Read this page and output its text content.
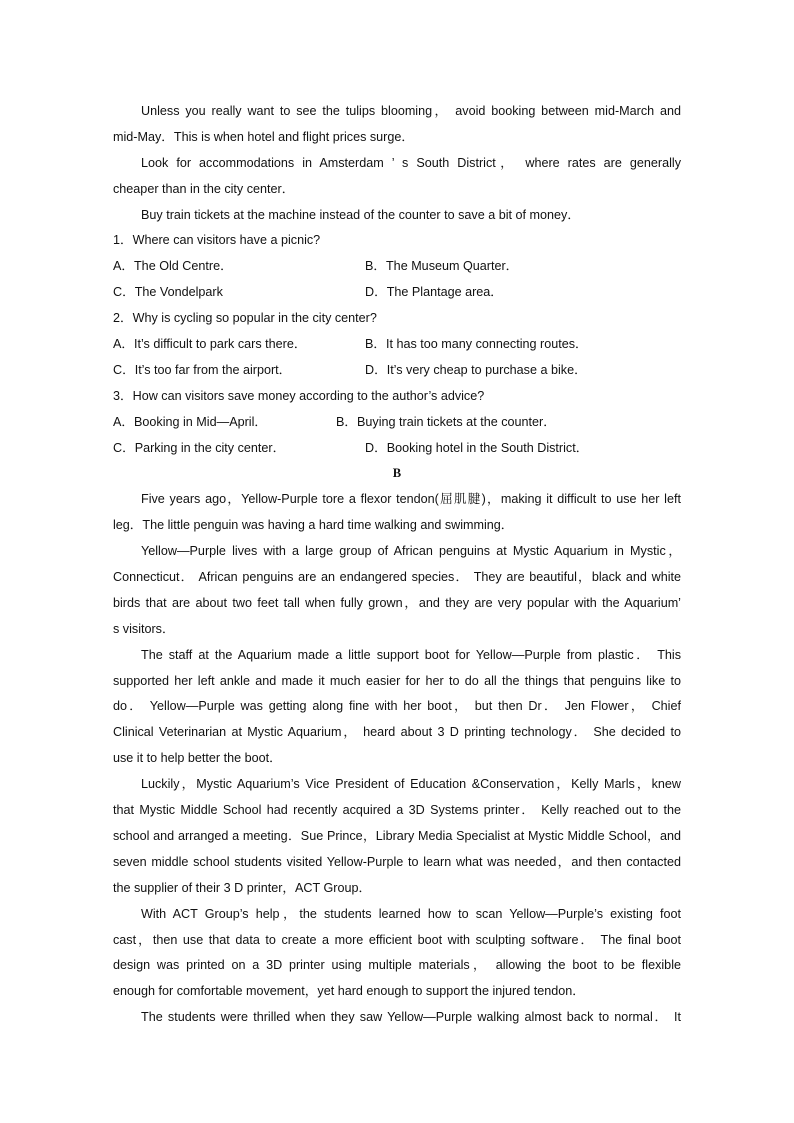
Unless you really want to see the tulips blooming， avoid booking between mid-March and
mid-May．This is when hotel and flight prices surge．
Look for accommodations in Amsterdam ’ s South District， where rates are generally
cheaper than in the city center．
Buy train tickets at the machine instead of the counter to save a bit of money．
1．Where can visitors have a picnic?
A．The Old Centre．	B．The Museum Quarter．
C．The Vondelpark	D．The Plantage area．
2．Why is cycling so popular in the city center?
A．It’s difficult to park cars there．	B．It has too many connecting routes．
C．It’s too far from the airport．	D．It’s very cheap to purchase a bike．
3．How can visitors save money according to the author’s advice?
A．Booking in Mid—April．	B．Buying train tickets at the counter．
C．Parking in the city center．	D．Booking hotel in the South District．
B
Five years ago，Yellow-Purple tore a flexor tendon(屈肌腱)，making it difficult to use her left
leg．The little penguin was having a hard time walking and swimming．
Yellow—Purple lives with a large group of African penguins at Mystic Aquarium in Mystic，
Connecticut． African penguins are an endangered species． They are beautiful，black and white
birds that are about two feet tall when fully grown，and they are very popular with the Aquarium’
s visitors．
The staff at the Aquarium made a little support boot for Yellow—Purple from plastic． This
supported her left ankle and made it much easier for her to do all the things that penguins like to
do． Yellow—Purple was getting along fine with her boot， but then Dr． Jen Flower， Chief
Clinical Veterinarian at Mystic Aquarium， heard about 3 D printing technology． She decided to
use it to help better the boot．
Luckily，Mystic Aquarium’s Vice President of Education &Conservation，Kelly Marls，knew
that Mystic Middle School had recently acquired a 3D Systems printer． Kelly reached out to the
school and arranged a meeting．Sue Prince，Library Media Specialist at Mystic Middle School，and
seven middle school students visited Yellow-Purple to learn what was needed，and then contacted
the supplier of their 3 D printer，ACT Group．
With ACT Group’s help，the students learned how to scan Yellow—Purple’s existing foot
cast，then use that data to create a more efficient boot with sculpting software． The final boot
design was printed on a 3D printer using multiple materials， allowing the boot to be flexible
enough for comfortable movement，yet hard enough to support the injured tendon．
The students were thrilled when they saw Yellow—Purple walking almost back to normal． It
